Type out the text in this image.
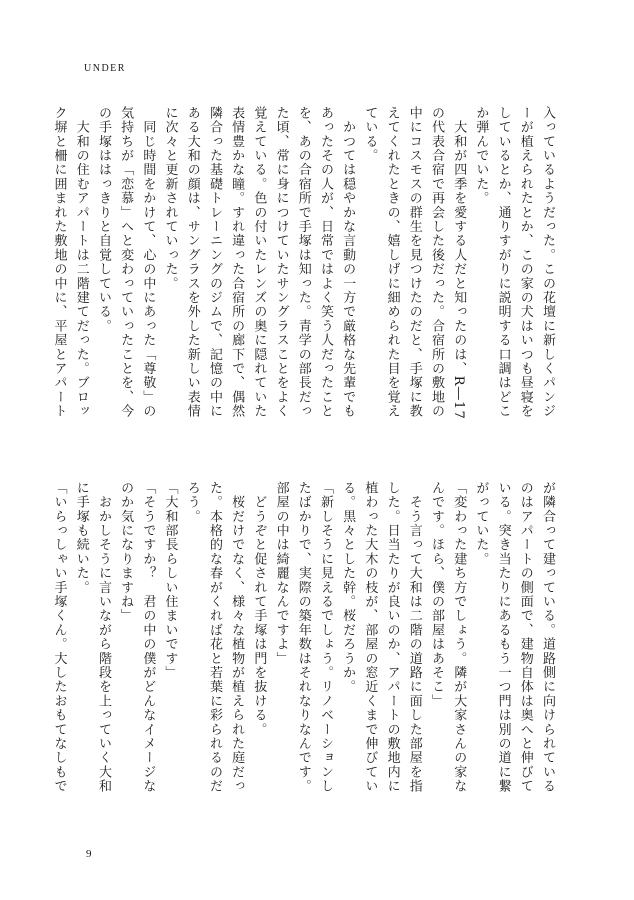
UNDER
入っているようだった。この花壇に新しくパンジ
ーが植えられたとか、この家の犬はいつも昼寝を
しているとか、通りすがりに説明する口調はどこ
か弾んでいた。
　大和が四季を愛する人だと知ったのは、R―17
の代表合宿で再会した後だった。合宿所の敷地の
中にコスモスの群生を見つけたのだと、手塚に教
えてくれたときの、嬉しげに細められた目を覚え
ている。
　かつては穏やかな言動の一方で厳格な先輩でも
あったその人が、日常ではよく笑う人だったこと
を、あの合宿所で手塚は知った。青学の部長だっ
た頃、常に身につけていたサングラスことをよく
覚えている。色の付いたレンズの奥に隠れていた
表情豊かな瞳。すれ違った合宿所の廊下で、偶然
隣合った基礎トレーニングのジムで、記憶の中に
ある大和の顔は、サングラスを外した新しい表情
に次々と更新されていった。
　同じ時間をかけて、心の中にあった「尊敬」の
気持ちが「恋慕」へと変わっていったことを、今
の手塚ははっきりと自覚している。
　大和の住むアパートは二階建てだった。ブロッ
ク塀と柵に囲まれた敷地の中に、平屋とアパート
が隣合って建っている。道路側に向けられている
のはアパートの側面で、建物自体は奥へと伸びて
いる。突き当たりにあるもう一つ門は別の道に繋
がっていた。
「変わった建ち方でしょう。隣が大家さんの家な
んです。ほら、僕の部屋はあそこ」
　そう言って大和は二階の道路に面した部屋を指
した。日当たりが良いのか、アパートの敷地内に
植わった大木の枝が、部屋の窓近くまで伸びてい
る。黒々とした幹。桜だろうか。
「新しそうに見えるでしょう。リノベーションし
たばかりで、実際の築年数はそれなりなんです。
部屋の中は綺麗なんですよ」
　どうぞと促されて手塚は門を抜ける。
　桜だけでなく、様々な植物が植えられた庭だっ
た。本格的な春がくれば花と若葉に彩られるのだ
ろう。
「大和部長らしい住まいです」
「そうですか？　君の中の僕がどんなイメージな
のか気になりますね」
　おかしそうに言いながら階段を上っていく大和
に手塚も続いた。
「いらっしゃい手塚くん。大したおもてなしもで
9
